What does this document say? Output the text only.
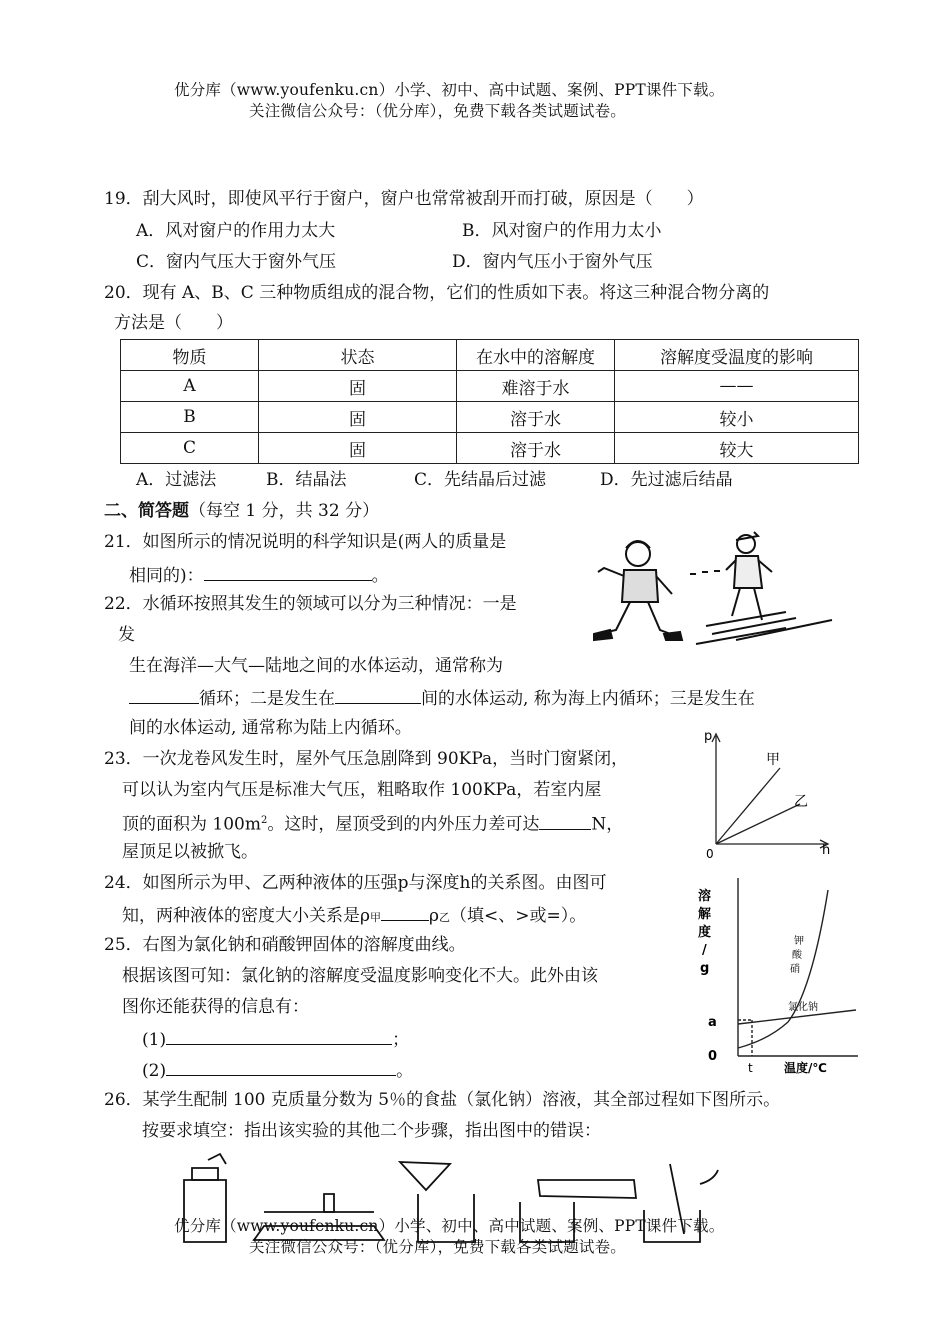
优分库（www.youfenku.cn）小学、初中、高中试题、案例、PPT课件下载。
关注微信公众号：（优分库），免费下载各类试题试卷。
19．刮大风时，即使风平行于窗户，窗户也常常被刮开而打破，原因是（　　）
A．风对窗户的作用力太大	B．风对窗户的作用力太小
C．窗内气压大于窗外气压	D．窗内气压小于窗外气压
20．现有 A、B、C 三种物质组成的混合物，它们的性质如下表。将这三种混合物分离的
方法是（　　）
物质	状态	在水中的溶解度	溶解度受温度的影响
A	固	难溶于水	——
B	固	溶于水	较小
C	固	溶于水	较大
A．过滤法	B．结晶法	C．先结晶后过滤	D．先过滤后结晶
二、简答题（每空 1 分，共 32 分）
21．如图所示的情况说明的科学知识是(两人的质量是
相同的)：	。
22．水循环按照其发生的领域可以分为三种情况：一是
发
生在海洋—大气—陆地之间的水体运动，通常称为
循环；二是发生在	间的水体运动, 称为海上内循环；三是发生在
间的水体运动, 通常称为陆上内循环。
23．一次龙卷风发生时，屋外气压急剧降到 90KPa，当时门窗紧闭，
可以认为室内气压是标准大气压，粗略取作 100KPa，若室内屋
顶的面积为 $100m^2$。这时，屋顶受到的内外压力差可达	N，
屋顶足以被掀飞。
p
h
0
甲
乙
24．如图所示为甲、乙两种液体的压强p与深度h的关系图。由图可
知，两种液体的密度大小关系是ρ甲	ρ乙（填<、>或=）。
25．右图为氯化钠和硝酸钾固体的溶解度曲线。
根据该图可知：氯化钠的溶解度受温度影响变化不大。此外由该
图你还能获得的信息有：
(1)	；
(2)	。
溶
解
度
/
g
a
0
t	温度/℃
钾
酸
硝
氯化钠
26．某学生配制 100 克质量分数为 5％的食盐（氯化钠）溶液，其全部过程如下图所示。
按要求填空：指出该实验的其他二个步骤，指出图中的错误：
优分库（www.youfenku.cn）小学、初中、高中试题、案例、PPT课件下载。
关注微信公众号：（优分库），免费下载各类试题试卷。
